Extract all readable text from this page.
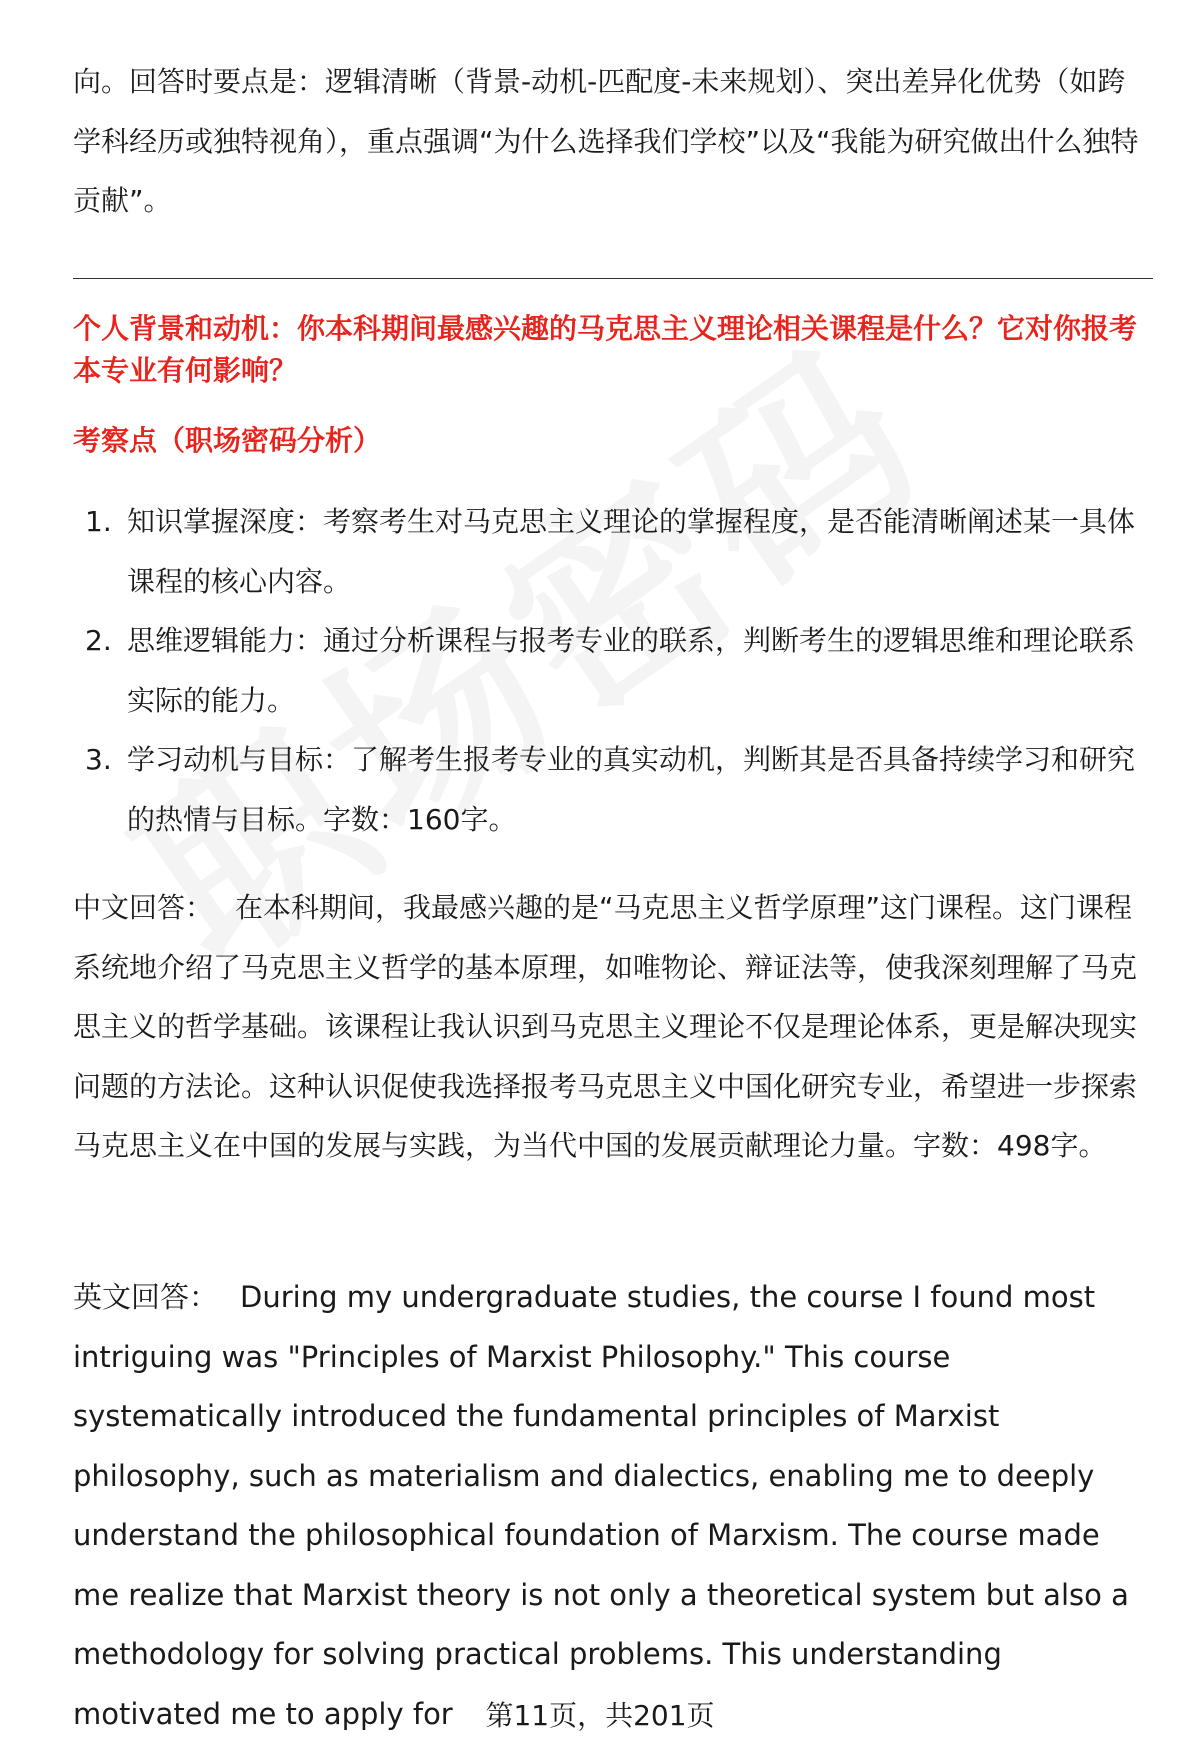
向。回答时要点是：逻辑清晰（背景-动机-匹配度-未来规划）、突出差异化优势（如跨学科经历或独特视角），重点强调“为什么选择我们学校”以及“我能为研究做出什么独特贡献”。

个人背景和动机：你本科期间最感兴趣的马克思主义理论相关课程是什么？它对你报考本专业有何影响？

考察点（职场密码分析）

1. 知识掌握深度：考察考生对马克思主义理论的掌握程度，是否能清晰阐述某一具体课程的核心内容。
2. 思维逻辑能力：通过分析课程与报考专业的联系，判断考生的逻辑思维和理论联系实际的能力。
3. 学习动机与目标：了解考生报考专业的真实动机，判断其是否具备持续学习和研究的热情与目标。字数：160字。

中文回答： 在本科期间，我最感兴趣的是“马克思主义哲学原理”这门课程。这门课程系统地介绍了马克思主义哲学的基本原理，如唯物论、辩证法等，使我深刻理解了马克思主义的哲学基础。该课程让我认识到马克思主义理论不仅是理论体系，更是解决现实问题的方法论。这种认识促使我选择报考马克思主义中国化研究专业，希望进一步探索马克思主义在中国的发展与实践，为当代中国的发展贡献理论力量。字数：498字。

英文回答： During my undergraduate studies, the course I found most intriguing was "Principles of Marxist Philosophy." This course systematically introduced the fundamental principles of Marxist philosophy, such as materialism and dialectics, enabling me to deeply understand the philosophical foundation of Marxism. The course made me realize that Marxist theory is not only a theoretical system but also a methodology for solving practical problems. This understanding motivated me to apply for	第11页，共201页
